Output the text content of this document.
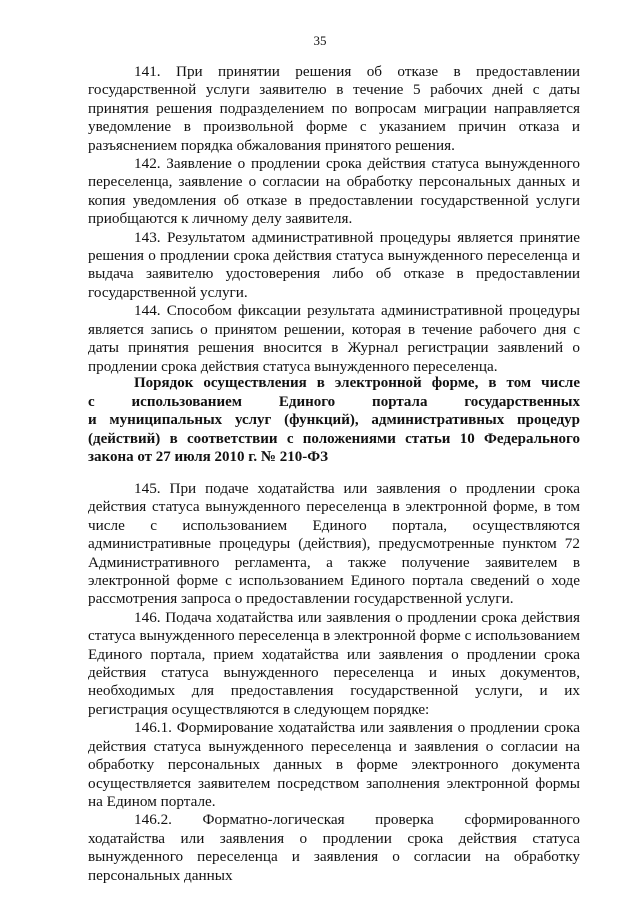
35

141. При принятии решения об отказе в предоставлении государственной услуги заявителю в течение 5 рабочих дней с даты принятия решения подразделением по вопросам миграции направляется уведомление в произвольной форме с указанием причин отказа и разъяснением порядка обжалования принятого решения.

142. Заявление о продлении срока действия статуса вынужденного переселенца, заявление о согласии на обработку персональных данных и копия уведомления об отказе в предоставлении государственной услуги приобщаются к личному делу заявителя.

143. Результатом административной процедуры является принятие решения о продлении срока действия статуса вынужденного переселенца и выдача заявителю удостоверения либо об отказе в предоставлении государственной услуги.

144. Способом фиксации результата административной процедуры является запись о принятом решении, которая в течение рабочего дня с даты принятия решения вносится в Журнал регистрации заявлений о продлении срока действия статуса вынужденного переселенца.

Порядок осуществления в электронной форме, в том числе

с использованием Единого портала государственных

и муниципальных услуг (функций), административных процедур

(действий) в соответствии с положениями статьи 10 Федерального

закона от 27 июля 2010 г. № 210-ФЗ

145. При подаче ходатайства или заявления о продлении срока действия статуса вынужденного переселенца в электронной форме, в том числе с использованием Единого портала, осуществляются административные процедуры (действия), предусмотренные пунктом 72 Административного регламента, а также получение заявителем в электронной форме с использованием Единого портала сведений о ходе рассмотрения запроса о предоставлении государственной услуги.

146. Подача ходатайства или заявления о продлении срока действия статуса вынужденного переселенца в электронной форме с использованием Единого портала, прием ходатайства или заявления о продлении срока действия статуса вынужденного переселенца и иных документов, необходимых для предоставления государственной услуги, и их регистрация осуществляются в следующем порядке:

146.1. Формирование ходатайства или заявления о продлении срока действия статуса вынужденного переселенца и заявления о согласии на обработку персональных данных в форме электронного документа осуществляется заявителем посредством заполнения электронной формы на Едином портале.

146.2. Форматно-логическая проверка сформированного ходатайства или заявления о продлении срока действия статуса вынужденного переселенца и заявления о согласии на обработку персональных данных
